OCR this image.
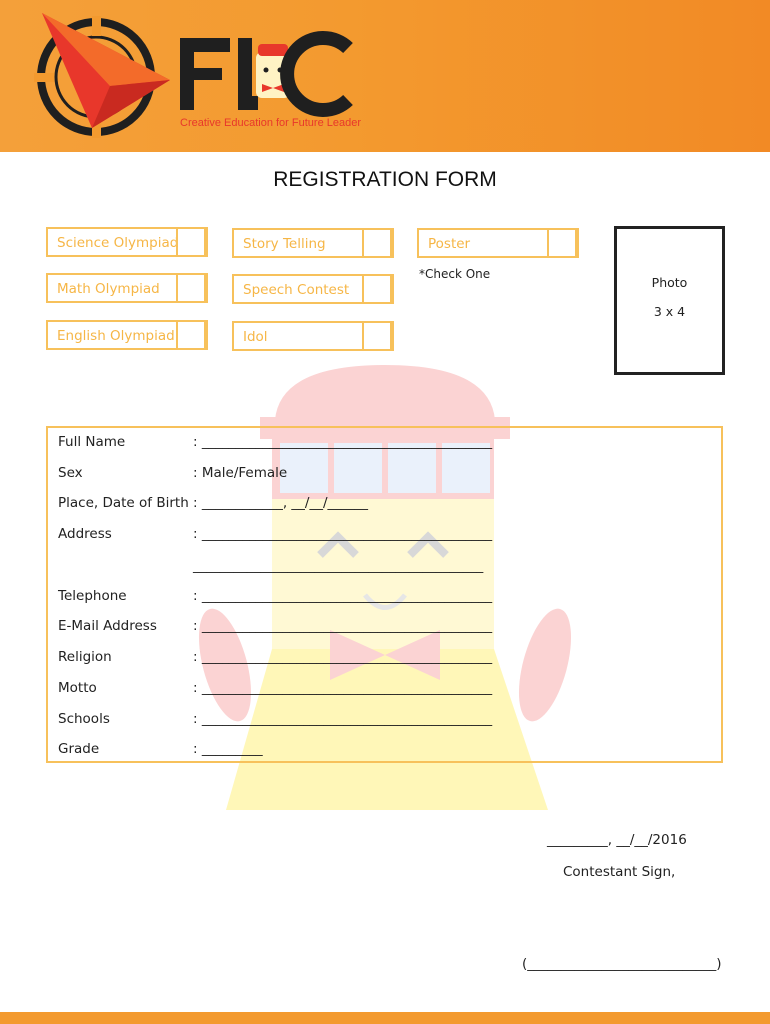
Creative Education for Future Leader
REGISTRATION FORM
Science Olympiad
Math Olympiad
English Olympiad
Story Telling
Speech Contest
Idol
Poster
*Check One
Photo
3 x 4
Full Name	: ___________________________________________
Sex	: Male/Female
Place, Date of Birth : ____________, __/__/______
Address	: ___________________________________________
___________________________________________
Telephone	: ___________________________________________
E-Mail Address	: ___________________________________________
Religion	: ___________________________________________
Motto	: ___________________________________________
Schools	: ___________________________________________
Grade	: _________
_________, __/__/2016
Contestant Sign,
(____________________________)
